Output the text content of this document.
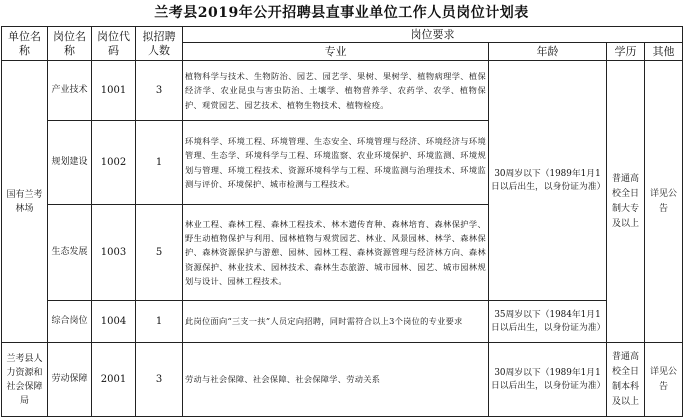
兰考县2019年公开招聘县直事业单位工作人员岗位计划表
单位名称	岗位名称	岗位代码	拟招聘人数	岗位要求			
				专业	年龄	学历	其他
国有兰考林场	产业技术	1001	3	植物科学与技术、生物防治、园艺、园艺学、果树、果树学、植物病理学、植保经济学、农业昆虫与害虫防治、土壤学、植物营养学、农药学、农学、植物保护、观赏园艺、园艺技术、植物生物技术、植物检疫。	30周岁以下（1989年1月1日以后出生，以身份证为准）	普通高校全日制大专及以上	详见公告
	规划建设	1002	1	环境科学、环境工程、环境管理、生态安全、环境管理与经济、环境经济与环境管理、生态学、环境科学与工程、环境监察、农业环境保护、环境监测、环境规划与管理、环境工程技术、资源环境科学与工程、环境监测与治理技术、环境监测与评价、环境保护、城市检测与工程技术。			
	生态发展	1003	5	林业工程、森林工程、森林工程技术、林木遗传育种、森林培育、森林保护学、野生动植物保护与利用、园林植物与观赏园艺、林业、风景园林、林学、森林保护、森林资源保护与游憩、园林、园林工程、森林资源管理与经济林方向、森林资源保护、林业技术、园林技术、森林生态旅游、城市园林、园艺、城市园林规划与设计、园林工程技术。			
	综合岗位	1004	1	此岗位面向“三支一扶”人员定向招聘，同时需符合以上3个岗位的专业要求	35周岁以下（1984年1月1日以后出生，以身份证为准）		
兰考县人力资源和社会保障局	劳动保障	2001	3	劳动与社会保障、社会保障、社会保障学、劳动关系	30周岁以下（1989年1月1日以后出生，以身份证为准）	普通高校全日制本科及以上	详见公告
